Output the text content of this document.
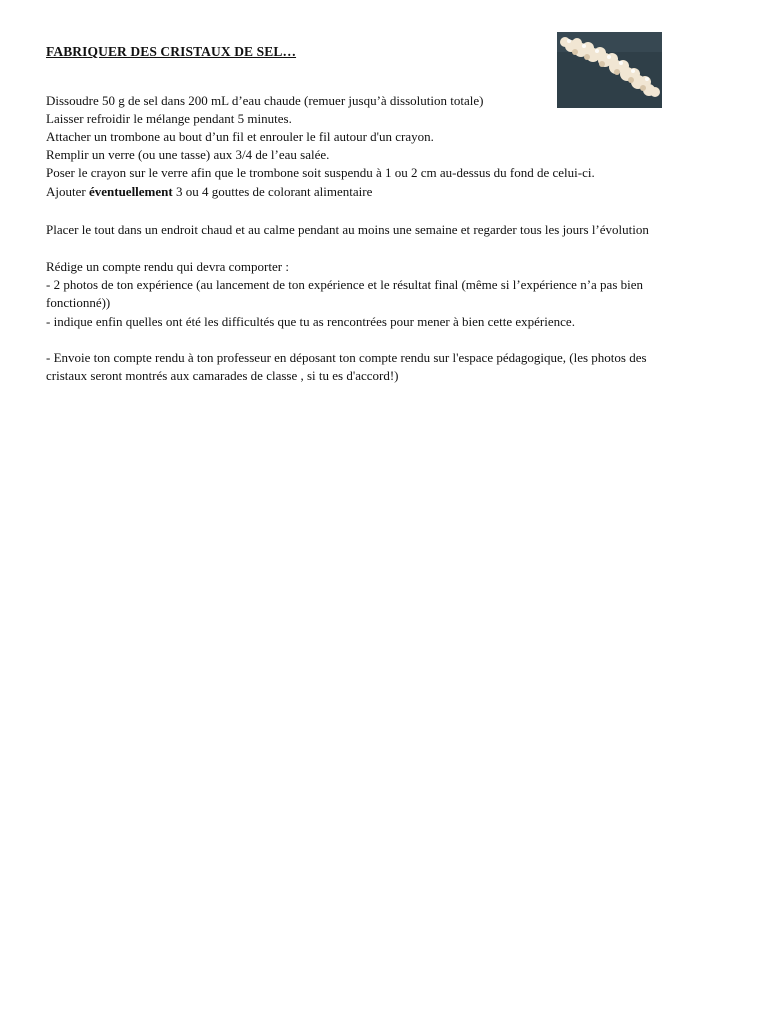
FABRIQUER DES CRISTAUX DE SEL…
Dissoudre 50 g de sel dans 200 mL d’eau chaude (remuer jusqu’à dissolution totale)
Laisser refroidir le mélange pendant 5 minutes.
Attacher un trombone au bout d’un fil et enrouler le fil autour d'un crayon.
Remplir un verre (ou une tasse) aux 3/4 de l’eau salée.
Poser le crayon sur le verre afin que le trombone soit suspendu à 1 ou 2 cm au-dessus du fond de celui-ci.
Ajouter éventuellement 3 ou 4 gouttes de colorant alimentaire
Placer le tout dans un endroit chaud et au calme pendant au moins une semaine et regarder tous les jours l’évolution
Rédige un compte rendu qui devra comporter :
- 2 photos de ton expérience (au lancement de ton expérience et le résultat final (même si l’expérience n’a pas bien
fonctionné))
- indique enfin quelles ont été les difficultés que tu as rencontrées pour mener à bien cette expérience.
- Envoie ton compte rendu à ton professeur en déposant ton compte rendu sur l'espace pédagogique, (les photos des
cristaux seront montrés aux camarades de classe , si tu es d'accord!)
